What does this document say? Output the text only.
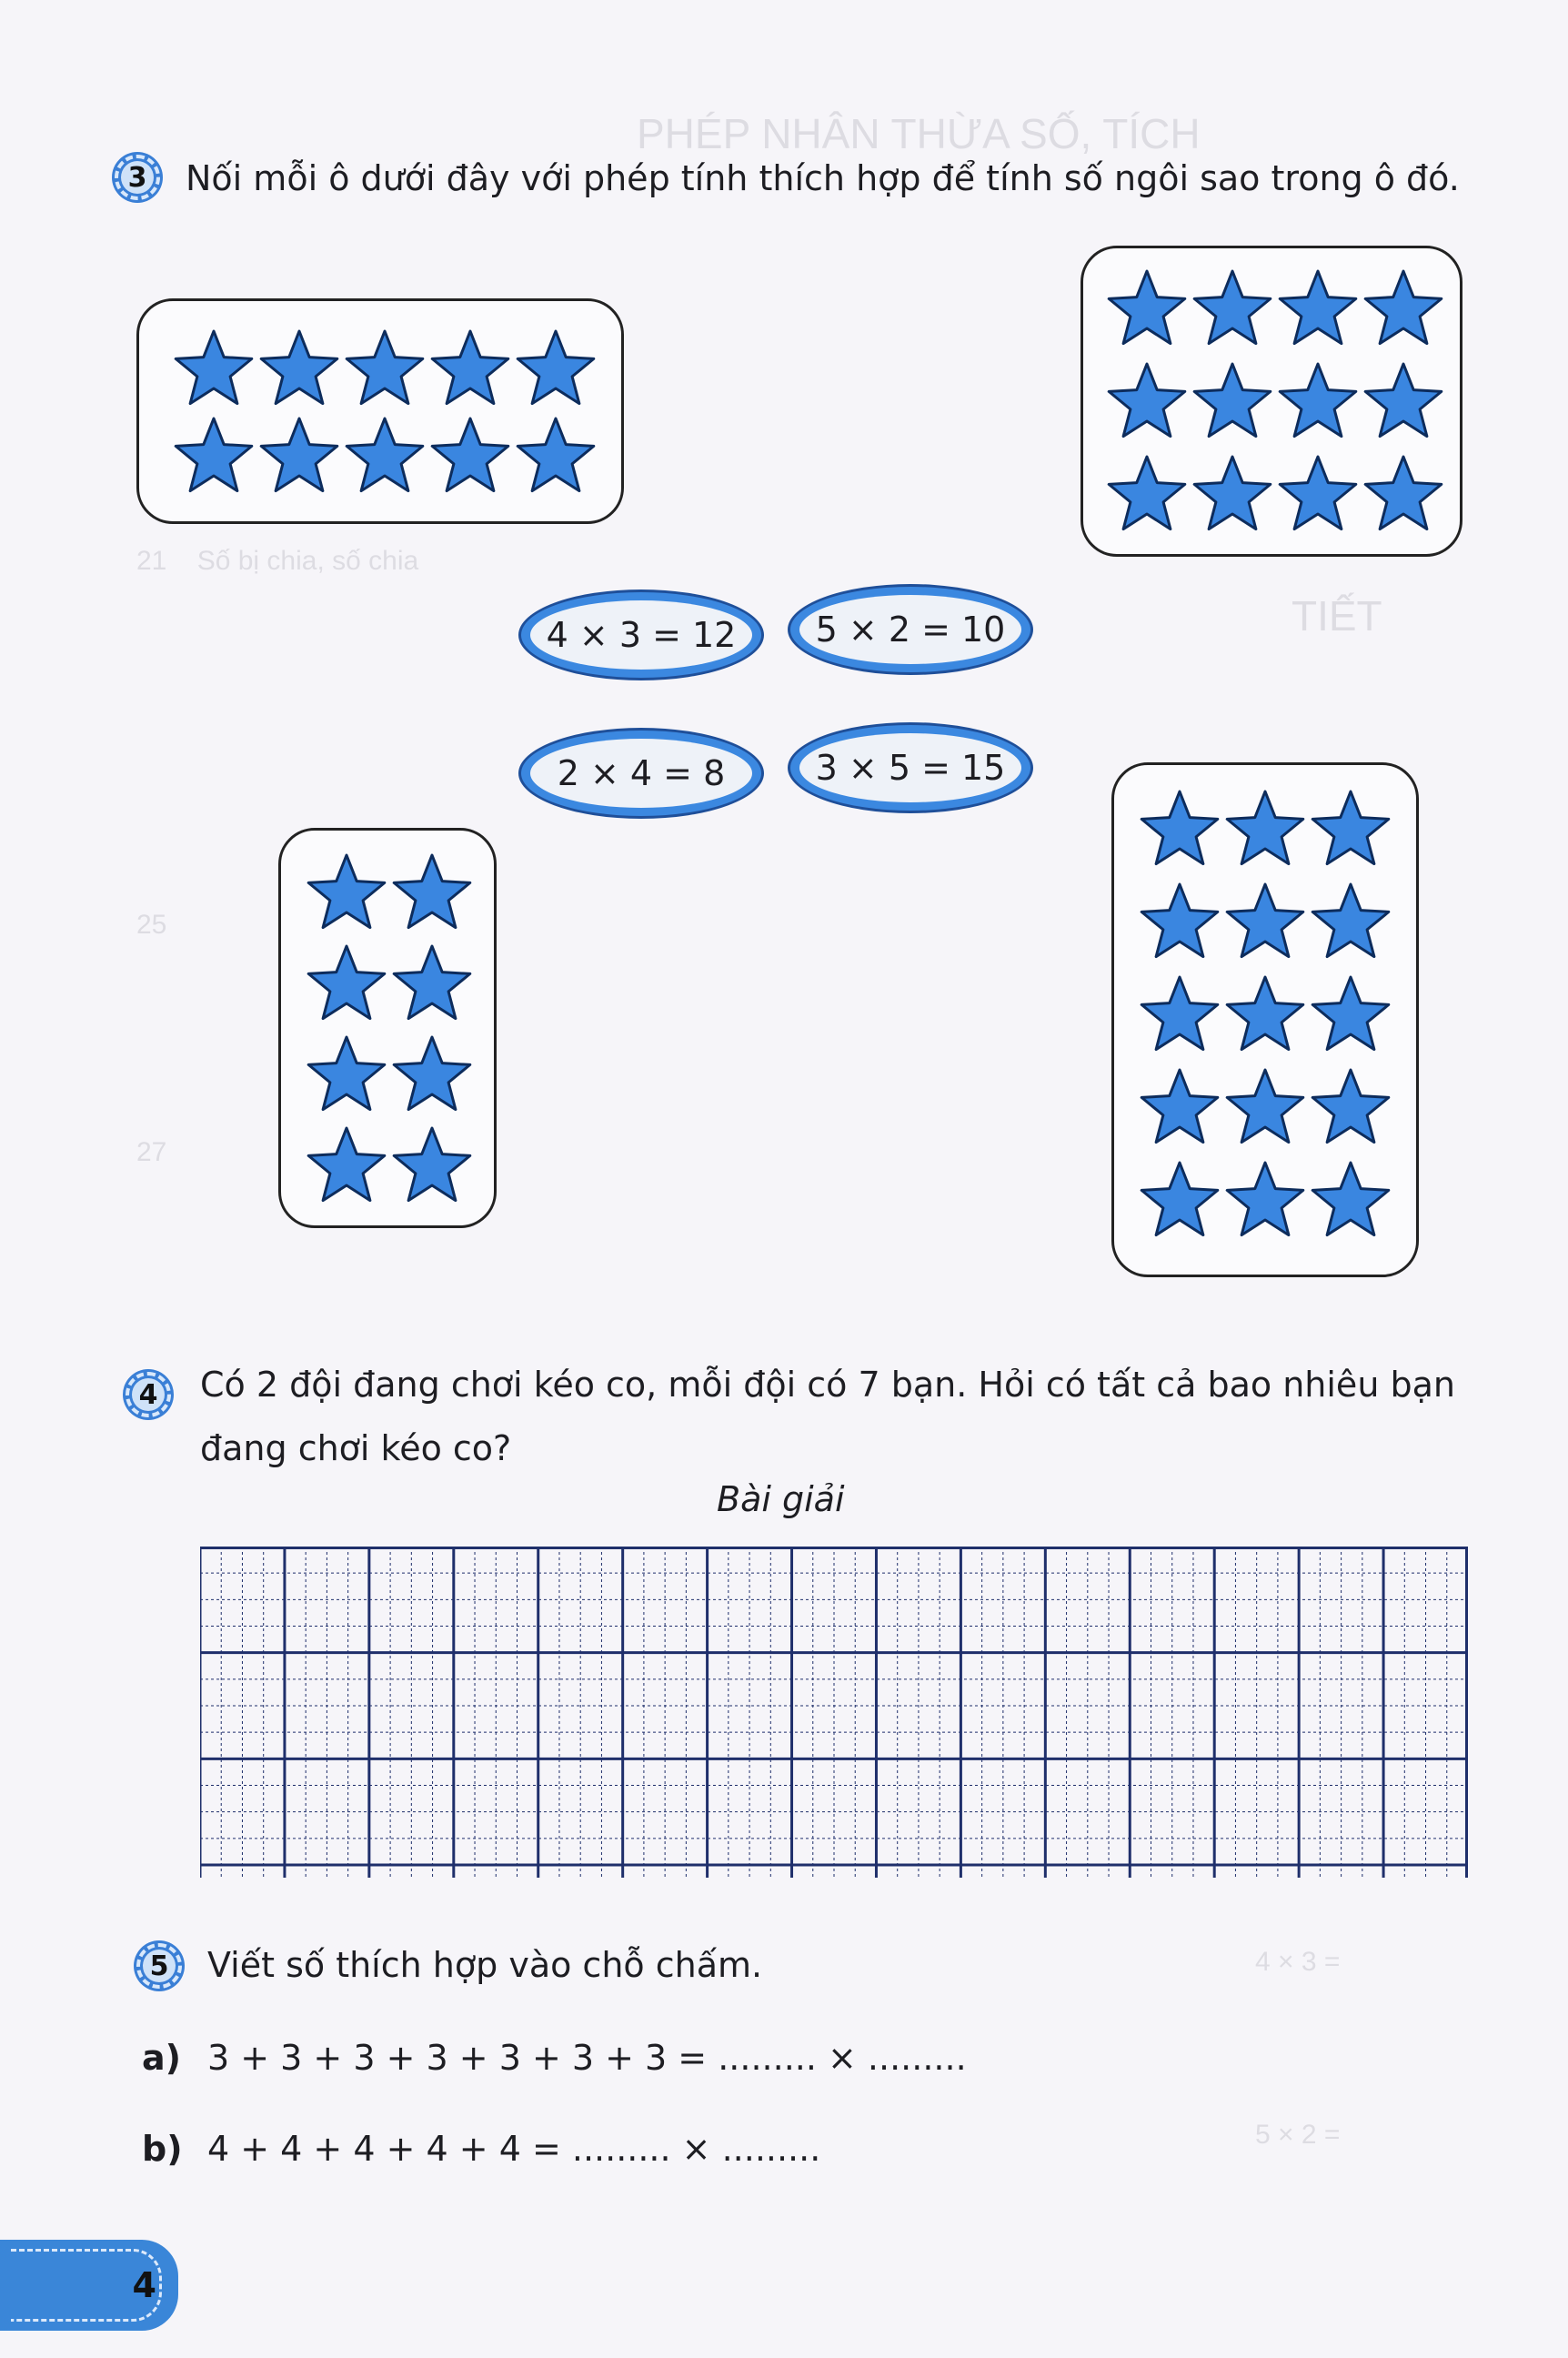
PHÉP NHÂN THỪA SỐ, TÍCH
TIẾT
21    Số bị chia, số chia
25
27
4 × 3 =
5 × 2 =
3 Nối mỗi ô dưới đây với phép tính thích hợp để tính số ngôi sao trong ô đó.
4 × 3 = 12	5 × 2 = 10
2 × 4 = 8	3 × 5 = 15
4 Có 2 đội đang chơi kéo co, mỗi đội có 7 bạn. Hỏi có tất cả bao nhiêu bạn
đang chơi kéo co?
Bài giải
5 Viết số thích hợp vào chỗ chấm.
a) 3 + 3 + 3 + 3 + 3 + 3 + 3 = ......... × .........
b) 4 + 4 + 4 + 4 + 4 = ......... × .........
4
